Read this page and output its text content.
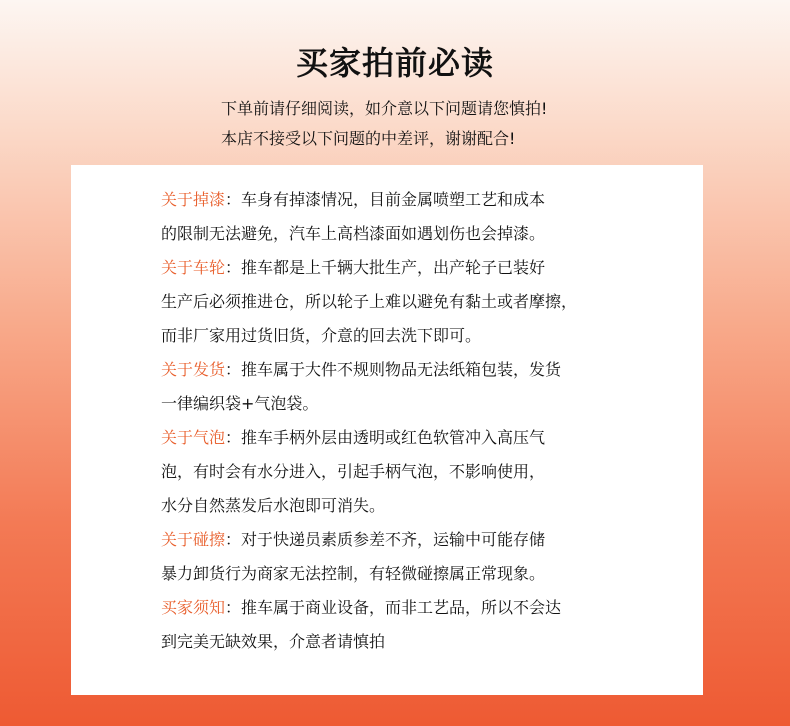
买家拍前必读

下单前请仔细阅读，如介意以下问题请您慎拍!

本店不接受以下问题的中差评，谢谢配合!

关于掉漆：车身有掉漆情况，目前金属喷塑工艺和成本

的限制无法避免，汽车上高档漆面如遇划伤也会掉漆。

关于车轮：推车都是上千辆大批生产，出产轮子已装好

生产后必须推进仓，所以轮子上难以避免有黏土或者摩擦，

而非厂家用过货旧货，介意的回去洗下即可。

关于发货：推车属于大件不规则物品无法纸箱包装，发货

一律编织袋+气泡袋。

关于气泡：推车手柄外层由透明或红色软管冲入高压气

泡，有时会有水分进入，引起手柄气泡，不影响使用，

水分自然蒸发后水泡即可消失。

关于碰擦：对于快递员素质参差不齐，运输中可能存储

暴力卸货行为商家无法控制，有轻微碰擦属正常现象。

买家须知：推车属于商业设备，而非工艺品，所以不会达

到完美无缺效果，介意者请慎拍
